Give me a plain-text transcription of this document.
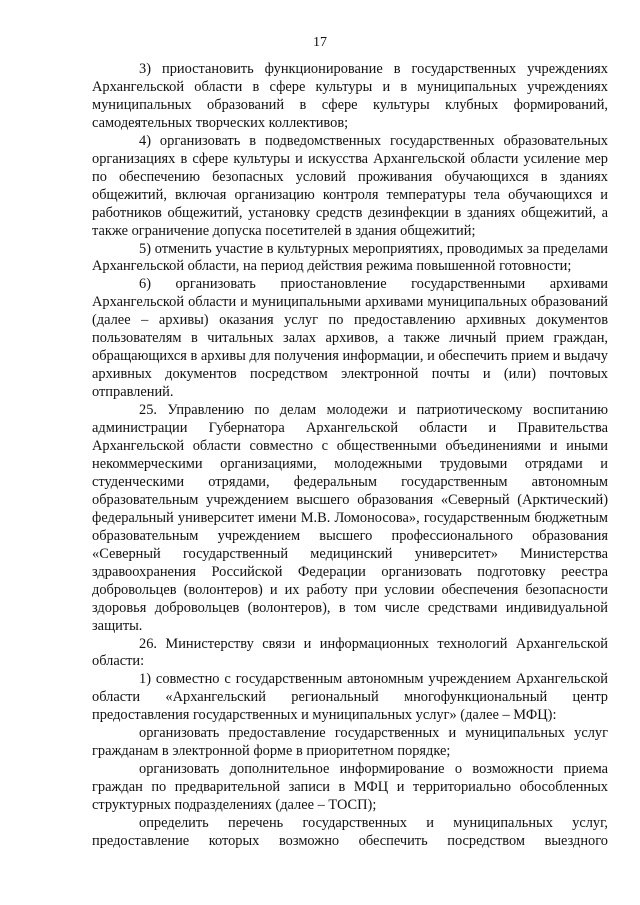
17

3) приостановить функционирование в государственных учреждениях Архангельской области в сфере культуры и в муниципальных учреждениях муниципальных образований в сфере культуры клубных формирований, самодеятельных творческих коллективов;

4) организовать в подведомственных государственных образовательных организациях в сфере культуры и искусства Архангельской области усиление мер по обеспечению безопасных условий проживания обучающихся в зданиях общежитий, включая организацию контроля температуры тела обучающихся и работников общежитий, установку средств дезинфекции в зданиях общежитий, а также ограничение допуска посетителей в здания общежитий;

5) отменить участие в культурных мероприятиях, проводимых за пределами Архангельской области, на период действия режима повышенной готовности;

6) организовать приостановление государственными архивами Архангельской области и муниципальными архивами муниципальных образований (далее – архивы) оказания услуг по предоставлению архивных документов пользователям в читальных залах архивов, а также личный прием граждан, обращающихся в архивы для получения информации, и обеспечить прием и выдачу архивных документов посредством электронной почты и (или) почтовых отправлений.

25. Управлению по делам молодежи и патриотическому воспитанию администрации Губернатора Архангельской области и Правительства Архангельской области совместно с общественными объединениями и иными некоммерческими организациями, молодежными трудовыми отрядами и студенческими отрядами, федеральным государственным автономным образовательным учреждением высшего образования «Северный (Арктический) федеральный университет имени М.В. Ломоносова», государственным бюджетным образовательным учреждением высшего профессионального образования «Северный государственный медицинский университет» Министерства здравоохранения Российской Федерации организовать подготовку реестра добровольцев (волонтеров) и их работу при условии обеспечения безопасности здоровья добровольцев (волонтеров), в том числе средствами индивидуальной защиты.

26. Министерству связи и информационных технологий Архангельской области:

1) совместно с государственным автономным учреждением Архангельской области «Архангельский региональный многофункциональный центр предоставления государственных и муниципальных услуг» (далее – МФЦ):

организовать предоставление государственных и муниципальных услуг гражданам в электронной форме в приоритетном порядке;

организовать дополнительное информирование о возможности приема граждан по предварительной записи в МФЦ и территориально обособленных структурных подразделениях (далее – ТОСП);

определить перечень государственных и муниципальных услуг, предоставление которых возможно обеспечить посредством выездного
